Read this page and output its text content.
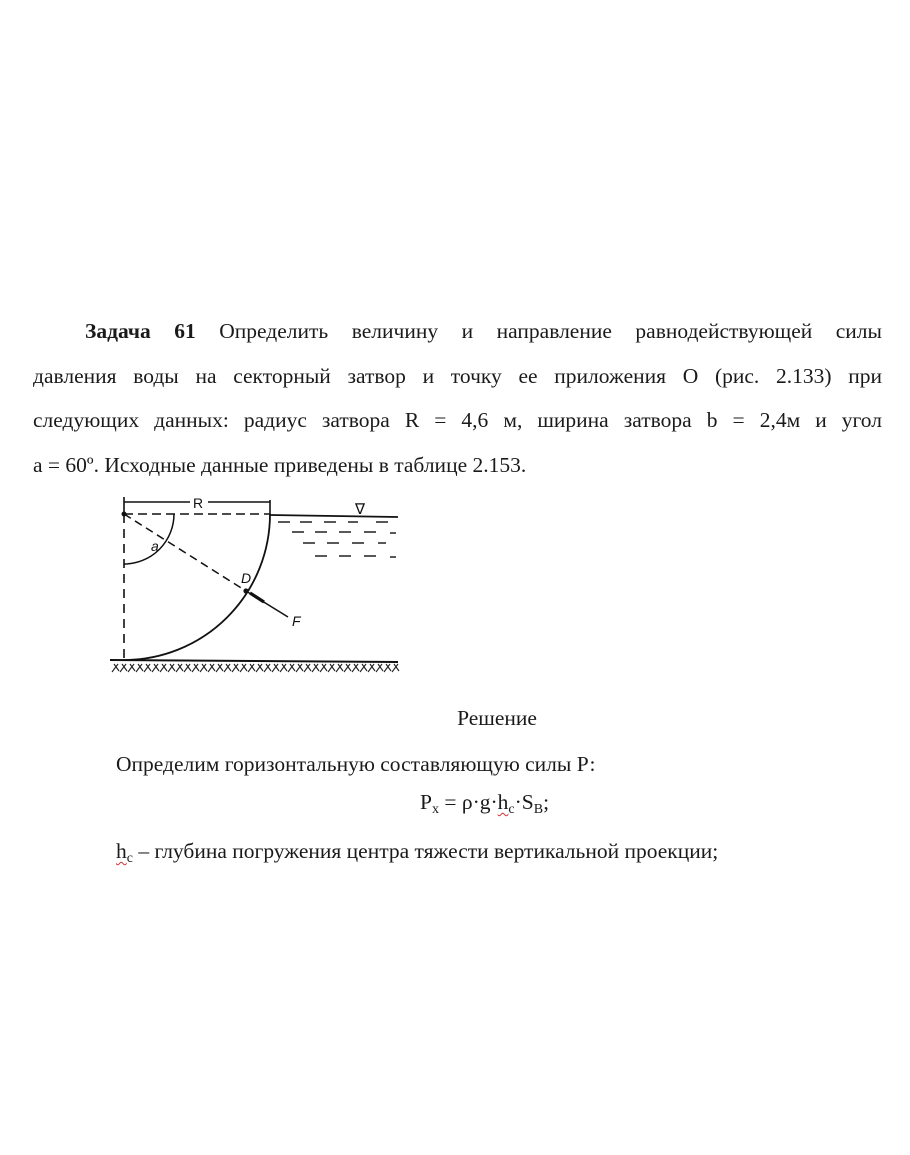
Задача 61 Определить величину и направление равнодействующей силы
давления воды на секторный затвор и точку ее приложения О (рис. 2.133) при
следующих данных: радиус затвора R = 4,6 м, ширина затвора b = 2,4м и угол
a = 60º. Исходные данные приведены в таблице 2.153.
R
a
D
F
∇
Решение
Определим горизонтальную составляющую силы Р:
Px = ρ·g·hc·SB;
hc – глубина погружения центра тяжести вертикальной проекции;
